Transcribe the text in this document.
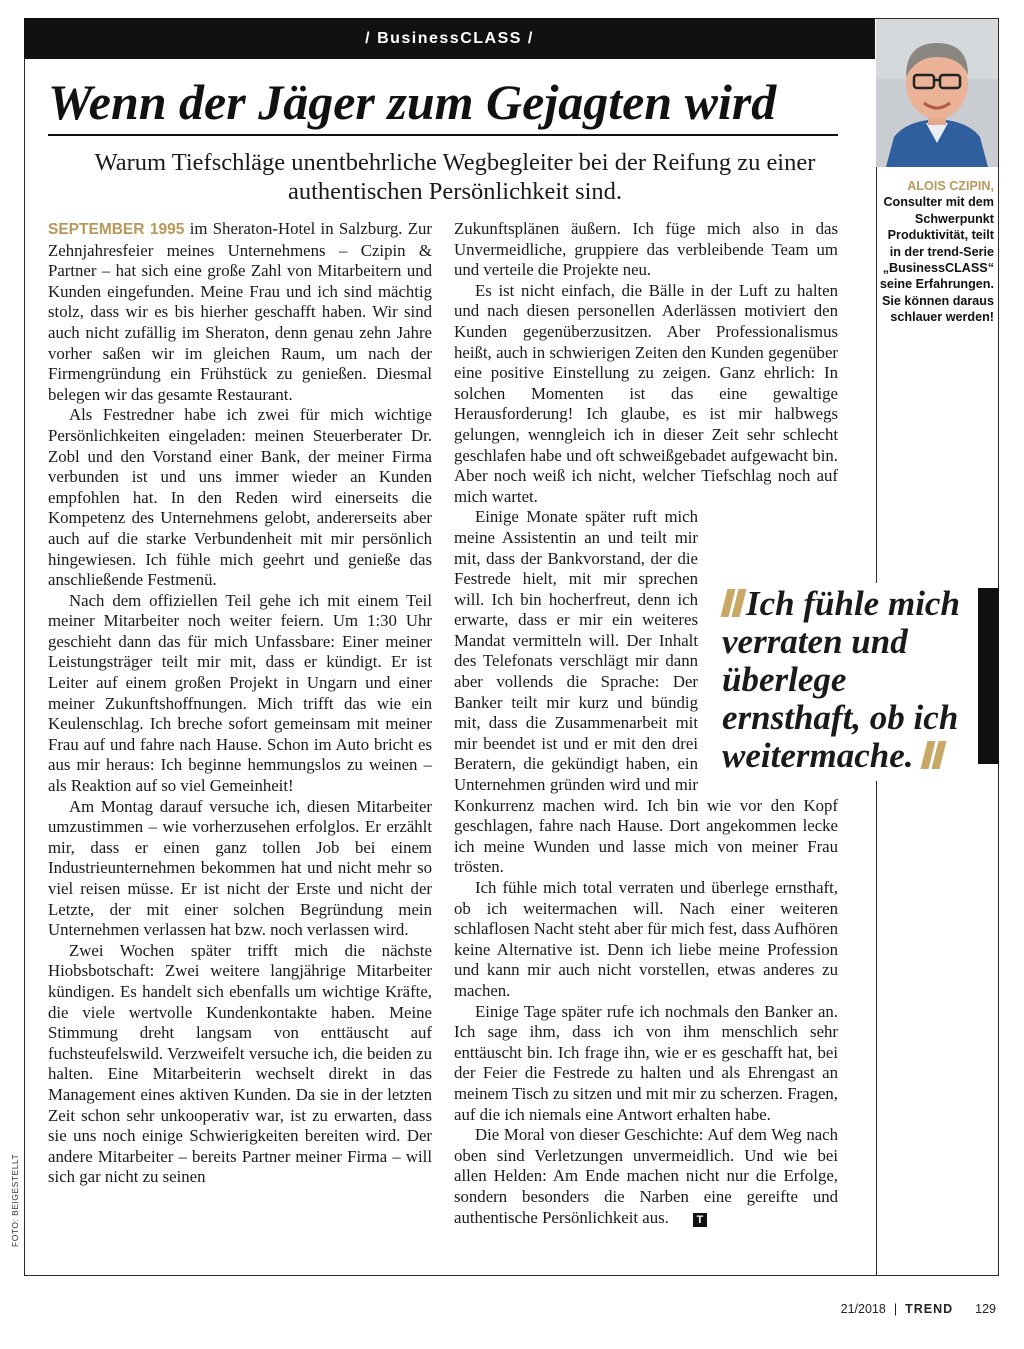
/ BusinessCLASS /
ALOIS CZIPIN,
Consulter mit dem Schwerpunkt Produktivität, teilt in der trend-Serie „BusinessCLASS“ seine Erfahrungen. Sie können daraus schlauer werden!
Wenn der Jäger zum Gejagten wird

Warum Tiefschläge unentbehrliche Wegbegleiter bei der Reifung zu einer authentischen Persönlichkeit sind.

SEPTEMBER 1995 im Sheraton-Hotel in Salzburg. Zur Zehnjahresfeier meines Unternehmens – Czipin & Partner – hat sich eine große Zahl von Mitarbeitern und Kunden eingefunden. Meine Frau und ich sind mächtig stolz, dass wir es bis hierher geschafft haben. Wir sind auch nicht zufällig im Sheraton, denn genau zehn Jahre vorher saßen wir im gleichen Raum, um nach der Firmengründung ein Frühstück zu genießen. Diesmal belegen wir das gesamte Restaurant.

Als Festredner habe ich zwei für mich wichtige Persönlichkeiten eingeladen: meinen Steuerberater Dr. Zobl und den Vorstand einer Bank, der meiner Firma verbunden ist und uns immer wieder an Kunden empfohlen hat. In den Reden wird einerseits die Kompetenz des Unternehmens gelobt, andererseits aber auch auf die starke Verbundenheit mit mir persönlich hingewiesen. Ich fühle mich geehrt und genieße das anschließende Festmenü.

Nach dem offiziellen Teil gehe ich mit einem Teil meiner Mitarbeiter noch weiter feiern. Um 1:30 Uhr geschieht dann das für mich Unfassbare: Einer meiner Leistungsträger teilt mir mit, dass er kündigt. Er ist Leiter auf einem großen Projekt in Ungarn und einer meiner Zukunftshoffnungen. Mich trifft das wie ein Keulenschlag. Ich breche sofort gemeinsam mit meiner Frau auf und fahre nach Hause. Schon im Auto bricht es aus mir heraus: Ich beginne hemmungslos zu weinen – als Reaktion auf so viel Gemeinheit!

Am Montag darauf versuche ich, diesen Mitarbeiter umzustimmen – wie vorherzusehen erfolglos. Er erzählt mir, dass er einen ganz tollen Job bei einem Industrieunternehmen bekommen hat und nicht mehr so viel reisen müsse. Er ist nicht der Erste und nicht der Letzte, der mit einer solchen Begründung mein Unternehmen verlassen hat bzw. noch verlassen wird.

Zwei Wochen später trifft mich die nächste Hiobsbotschaft: Zwei weitere langjährige Mitarbeiter kündigen. Es handelt sich ebenfalls um wichtige Kräfte, die viele wertvolle Kundenkontakte haben. Meine Stimmung dreht langsam von enttäuscht auf fuchsteufelswild. Verzweifelt versuche ich, die beiden zu halten. Eine Mitarbeiterin wechselt direkt in das Management eines aktiven Kunden. Da sie in der letzten Zeit schon sehr unkooperativ war, ist zu erwarten, dass sie uns noch einige Schwierigkeiten bereiten wird. Der andere Mitarbeiter – bereits Partner meiner Firma – will sich gar nicht zu seinen

Zukunftsplänen äußern. Ich füge mich also in das Unvermeidliche, gruppiere das verbleibende Team um und verteile die Projekte neu.

Es ist nicht einfach, die Bälle in der Luft zu halten und nach diesen personellen Aderlässen motiviert den Kunden gegenüberzusitzen. Aber Professionalismus heißt, auch in schwierigen Zeiten den Kunden gegenüber eine positive Einstellung zu zeigen. Ganz ehrlich: In solchen Momenten ist das eine gewaltige Herausforderung! Ich glaube, es ist mir halbwegs gelungen, wenngleich ich in dieser Zeit sehr schlecht geschlafen habe und oft schweißgebadet aufgewacht bin. Aber noch weiß ich nicht, welcher Tiefschlag noch auf mich wartet.

Einige Monate später ruft mich meine Assistentin an und teilt mir mit, dass der Bankvorstand, der die Festrede hielt, mit mir sprechen will. Ich bin hocherfreut, denn ich erwarte, dass er mir ein weiteres Mandat vermitteln will. Der Inhalt des Telefonats verschlägt mir dann aber vollends die Sprache: Der Banker teilt mir kurz und bündig mit, dass die Zusammenarbeit mit mir beendet ist und er mit den drei Beratern, die gekündigt haben, ein Unternehmen gründen wird und mir Konkurrenz machen wird. Ich bin wie vor den Kopf geschlagen, fahre nach Hause. Dort angekommen lecke ich meine Wunden und lasse mich von meiner Frau trösten.

Ich fühle mich total verraten und überlege ernsthaft, ob ich weitermachen will. Nach einer weiteren schlaflosen Nacht steht aber für mich fest, dass Aufhören keine Alternative ist. Denn ich liebe meine Profession und kann mir auch nicht vorstellen, etwas anderes zu machen.

Einige Tage später rufe ich nochmals den Banker an. Ich sage ihm, dass ich von ihm menschlich sehr enttäuscht bin. Ich frage ihn, wie er es geschafft hat, bei der Feier die Festrede zu halten und als Ehrengast an meinem Tisch zu sitzen und mit mir zu scherzen. Fragen, auf die ich niemals eine Antwort erhalten habe.

Die Moral von dieser Geschichte: Auf dem Weg nach oben sind Verletzungen unvermeidlich. Und wie bei allen Helden: Am Ende machen nicht nur die Erfolge, sondern besonders die Narben eine gereifte und authentische Persönlichkeit aus.	T

Ich fühle mich verraten und überlege ernsthaft, ob ich weitermache.
FOTO: BEIGESTELLT
21/2018 | TREND 129
